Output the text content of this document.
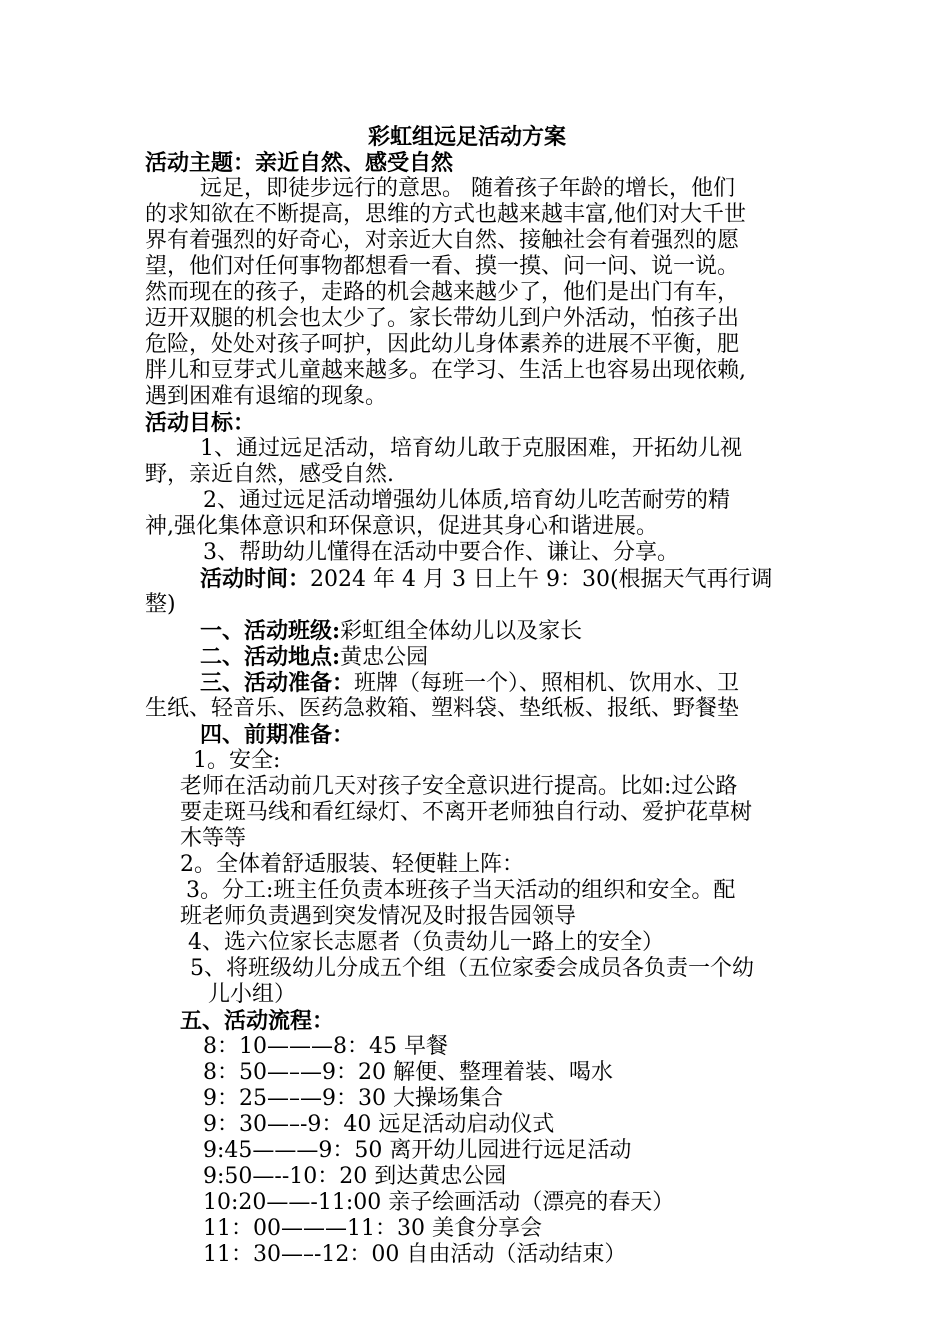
彩虹组远足活动方案
活动主题：亲近自然、感受自然
远足，即徒步远行的意思。 随着孩子年龄的增长，他们
的求知欲在不断提高，思维的方式也越来越丰富,他们对大千世
界有着强烈的好奇心，对亲近大自然、接触社会有着强烈的愿
望，他们对任何事物都想看一看、摸一摸、问一问、说一说。
然而现在的孩子，走路的机会越来越少了，他们是出门有车，
迈开双腿的机会也太少了。家长带幼儿到户外活动，怕孩子出
危险，处处对孩子呵护，因此幼儿身体素养的进展不平衡，肥
胖儿和豆芽式儿童越来越多。在学习、生活上也容易出现依赖,
遇到困难有退缩的现象。
活动目标：
1、通过远足活动，培育幼儿敢于克服困难，开拓幼儿视
野，亲近自然，感受自然.
2、通过远足活动增强幼儿体质,培育幼儿吃苦耐劳的精
神,强化集体意识和环保意识，促进其身心和谐进展。
3、帮助幼儿懂得在活动中要合作、谦让、分享。
活动时间：2024 年 4 月 3 日上午 9：30(根据天气再行调
整)
一、活动班级:彩虹组全体幼儿以及家长
二、活动地点:黄忠公园
三、活动准备：班牌（每班一个）、照相机、饮用水、卫
生纸、轻音乐、医药急救箱、塑料袋、垫纸板、报纸、野餐垫
四、前期准备：
1。安全:
老师在活动前几天对孩子安全意识进行提高。比如:过公路
要走斑马线和看红绿灯、不离开老师独自行动、爱护花草树
木等等
2。全体着舒适服装、轻便鞋上阵：
3。分工:班主任负责本班孩子当天活动的组织和安全。配
班老师负责遇到突发情况及时报告园领导
4、选六位家长志愿者（负责幼儿一路上的安全）
5、将班级幼儿分成五个组（五位家委会成员各负责一个幼
儿小组）
五、活动流程：
8：10———8：45 早餐
8：50—–—9：20 解便、整理着装、喝水
9：25—–—9：30 大操场集合
9：30—–-9：40 远足活动启动仪式
9:45———9：50 离开幼儿园进行远足活动
9:50—--10：20 到达黄忠公园
10:20——-11:00 亲子绘画活动（漂亮的春天）
11：00———11：30 美食分享会
11：30—–-12：00 自由活动（活动结束）
